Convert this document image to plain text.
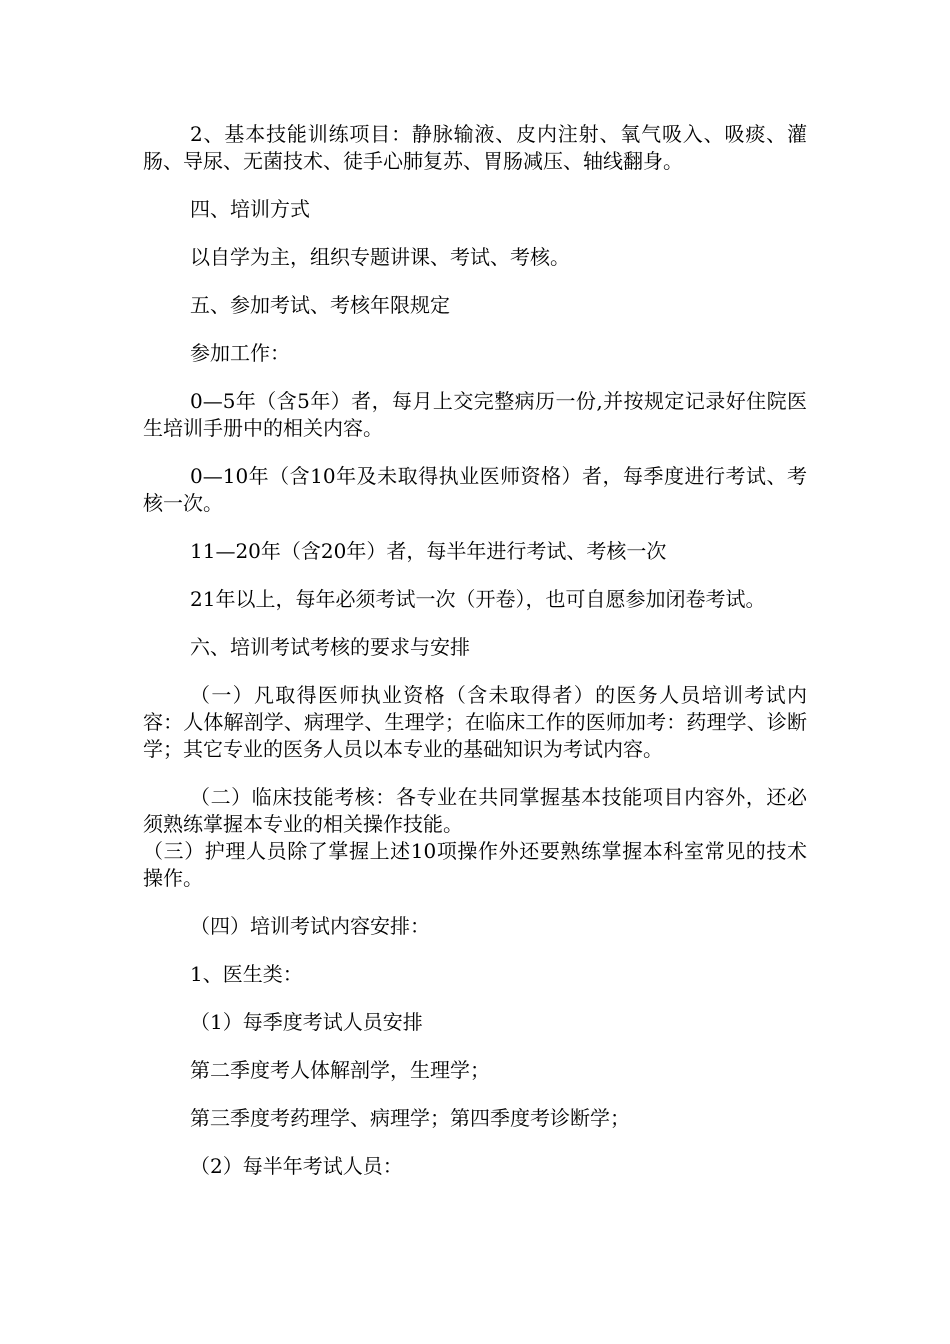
2、基本技能训练项目：静脉输液、皮内注射、氧气吸入、吸痰、灌肠、导尿、无菌技术、徒手心肺复苏、胃肠减压、轴线翻身。

四、培训方式

以自学为主，组织专题讲课、考试、考核。

五、参加考试、考核年限规定

参加工作：

0—5年（含5年）者，每月上交完整病历一份,并按规定记录好住院医生培训手册中的相关内容。

0—10年（含10年及未取得执业医师资格）者，每季度进行考试、考核一次。

11—20年（含20年）者，每半年进行考试、考核一次

21年以上，每年必须考试一次（开卷），也可自愿参加闭卷考试。

六、培训考试考核的要求与安排

（一）凡取得医师执业资格（含未取得者）的医务人员培训考试内容：人体解剖学、病理学、生理学；在临床工作的医师加考：药理学、诊断学；其它专业的医务人员以本专业的基础知识为考试内容。

（二）临床技能考核：各专业在共同掌握基本技能项目内容外，还必须熟练掌握本专业的相关操作技能。

（三）护理人员除了掌握上述10项操作外还要熟练掌握本科室常见的技术操作。

（四）培训考试内容安排：

1、医生类：

（1）每季度考试人员安排

第二季度考人体解剖学，生理学；

第三季度考药理学、病理学；第四季度考诊断学；

（2）每半年考试人员：
